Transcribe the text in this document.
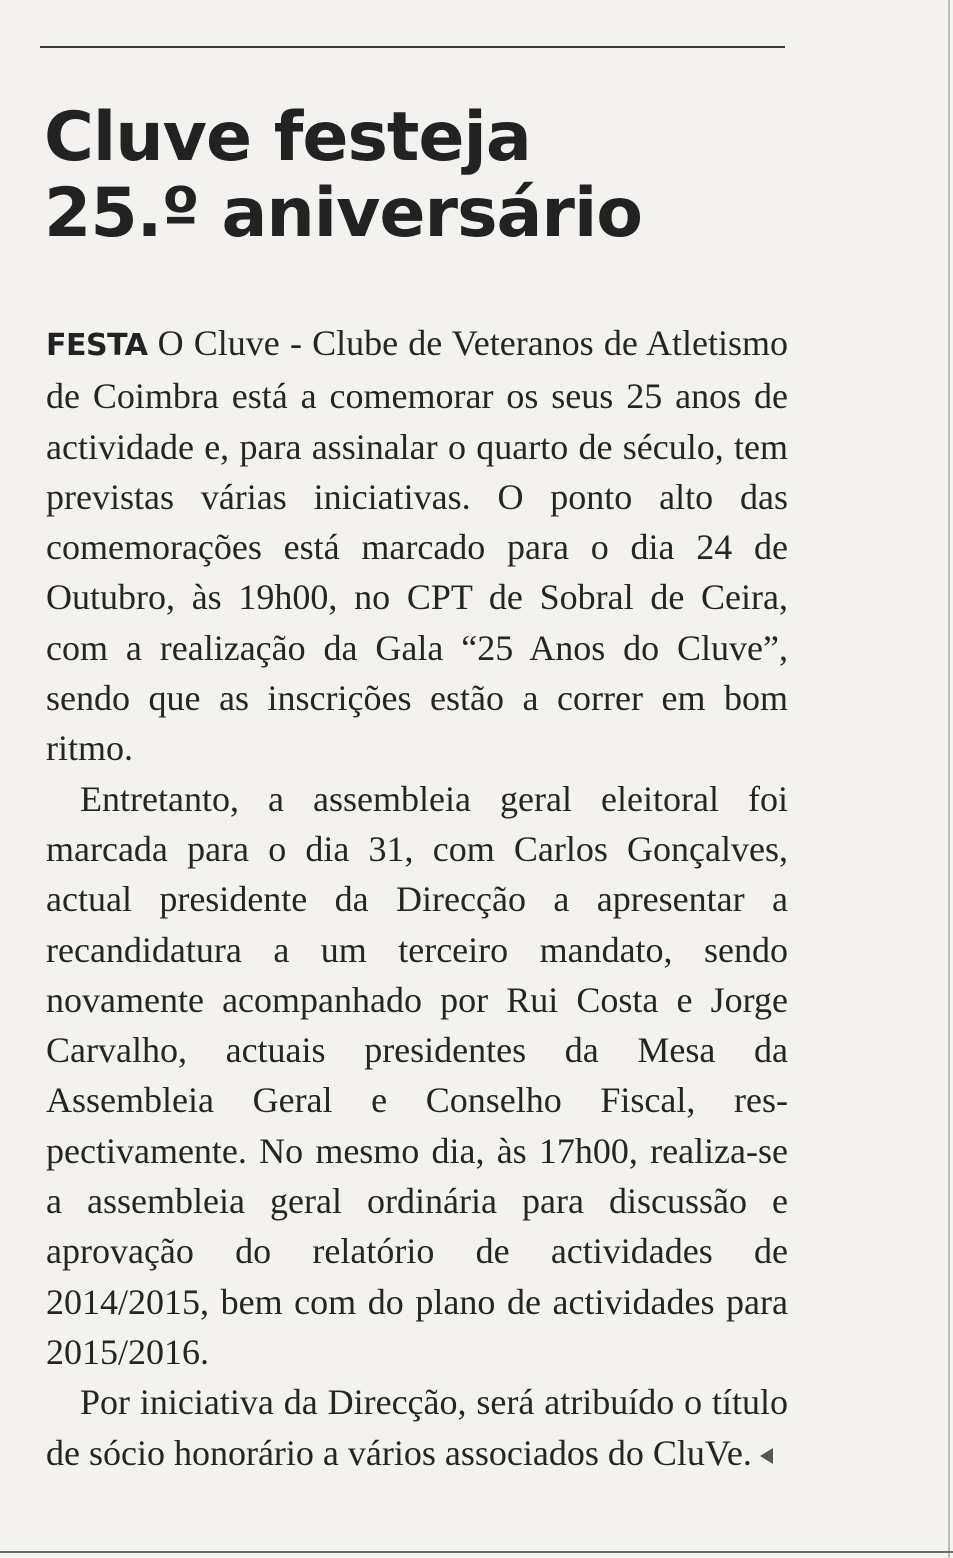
Cluve festeja
25.º aniversário

FESTA O Cluve - Clube de Veteranos de Atletismo de Coimbra está a comemorar os seus 25 anos de actividade e, para assinalar o quarto de século, tem previstas várias iniciativas. O ponto alto das comemorações está marcado para o dia 24 de Outubro, às 19h00, no CPT de Sobral de Ceira, com a realização da Gala “25 Anos do Cluve”, sendo que as inscrições estão a correr em bom ritmo.

Entretanto, a assembleia geral eleitoral foi marcada para o dia 31, com Carlos Gonçalves, actual presidente da Direcção a apresentar a recandidatura a um terceiro mandato, sendo novamente acompanhado por Rui Costa e Jorge Carvalho, actuais presidentes da Mesa da Assembleia Geral e Conselho Fiscal, respectivamente. No mesmo dia, às 17h00, realiza-se a assembleia geral ordinária para discussão e aprovação do relatório de actividades de 2014/2015, bem com do plano de actividades para 2015/2016.

Por iniciativa da Direcção, será atribuído o título de sócio honorário a vários associados do CluVe.
